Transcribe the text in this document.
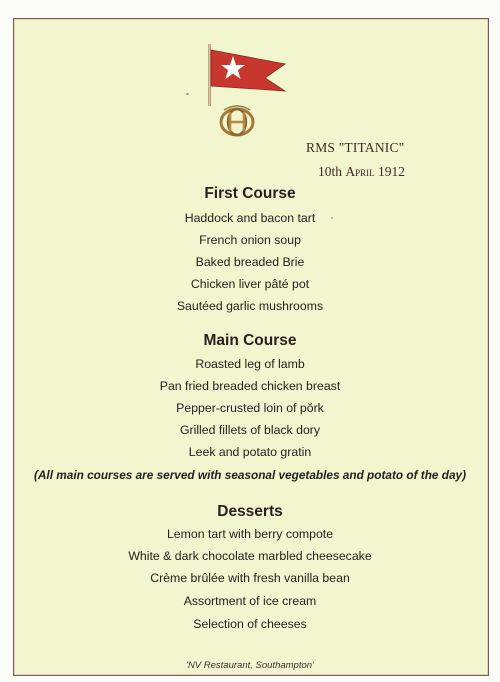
RMS "TITANIC"
10th April 1912
First Course
Haddock and bacon tart
French onion soup
Baked breaded Brie
Chicken liver pâté pot
Sautéed garlic mushrooms
Main Course
Roasted leg of lamb
Pan fried breaded chicken breast
Pepper-crusted loin of pŏrk
Grilled fillets of black dory
Leek and potato gratin
(All main courses are served with seasonal vegetables and potato of the day)
Desserts
Lemon tart with berry compote
White & dark chocolate marbled cheesecake
Crème brûlée with fresh vanilla bean
Assortment of ice cream
Selection of cheeses
'NV Restaurant, Southampton'
